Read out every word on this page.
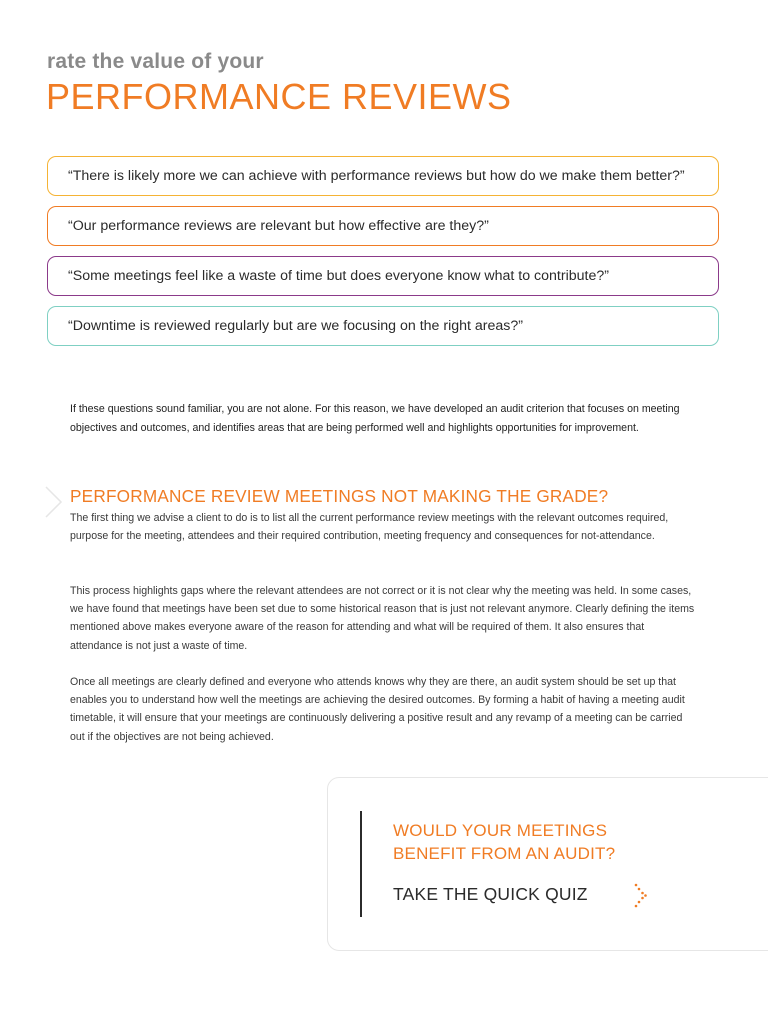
rate the value of your
PERFORMANCE REVIEWS
“There is likely more we can achieve with performance reviews but how do we make them better?”
“Our performance reviews are relevant but how effective are they?”
“Some meetings feel like a waste of time but does everyone know what to contribute?”
“Downtime is reviewed regularly but are we focusing on the right areas?”
If these questions sound familiar, you are not alone. For this reason, we have developed an audit criterion that focuses on meeting objectives and outcomes, and identifies areas that are being performed well and highlights opportunities for improvement.
PERFORMANCE REVIEW MEETINGS NOT MAKING THE GRADE?

The first thing we advise a client to do is to list all the current performance review meetings with the relevant outcomes required, purpose for the meeting, attendees and their required contribution, meeting frequency and consequences for not-attendance.

This process highlights gaps where the relevant attendees are not correct or it is not clear why the meeting was held. In some cases, we have found that meetings have been set due to some historical reason that is just not relevant anymore. Clearly defining the items mentioned above makes everyone aware of the reason for attending and what will be required of them. It also ensures that attendance is not just a waste of time.

Once all meetings are clearly defined and everyone who attends knows why they are there, an audit system should be set up that enables you to understand how well the meetings are achieving the desired outcomes. By forming a habit of having a meeting audit timetable, it will ensure that your meetings are continuously delivering a positive result and any revamp of a meeting can be carried out if the objectives are not being achieved.

WOULD YOUR MEETINGS
BENEFIT FROM AN AUDIT?
TAKE THE QUICK QUIZ
